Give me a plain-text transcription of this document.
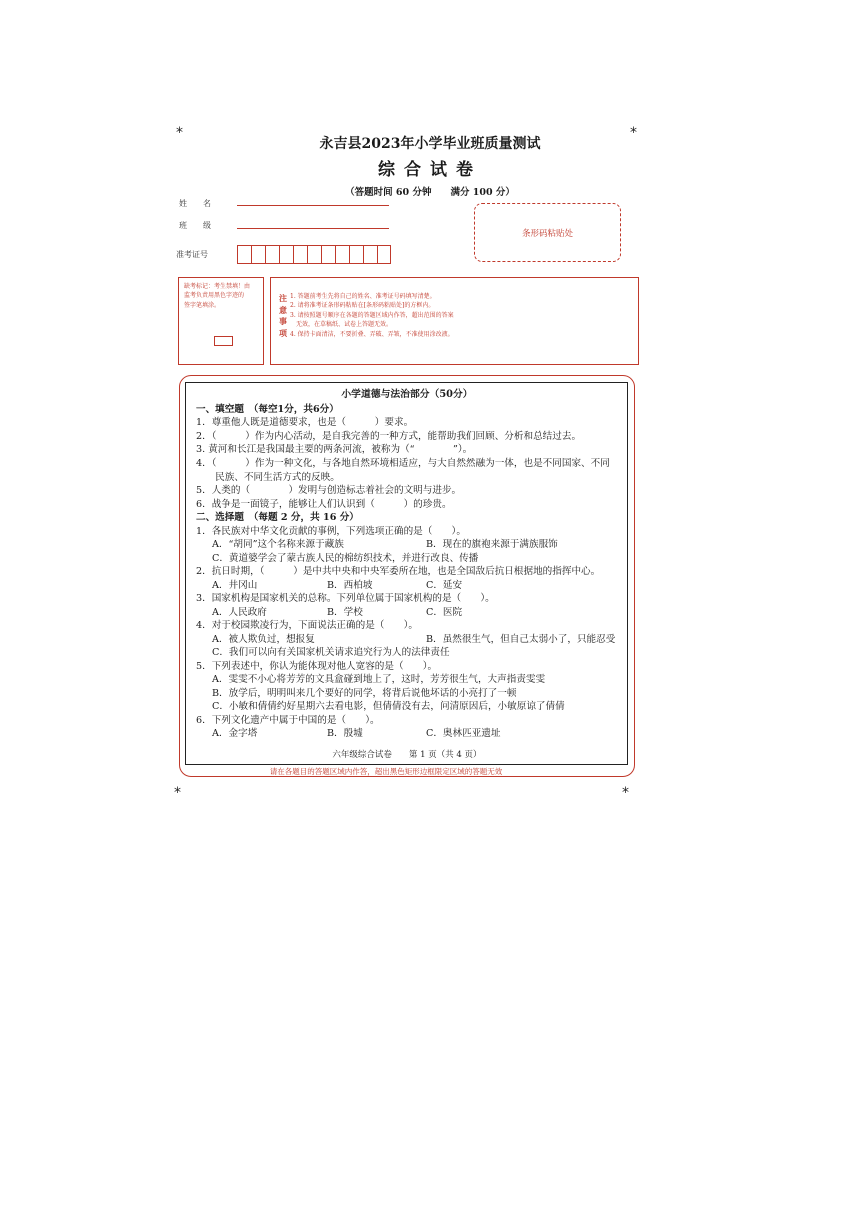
*	*
*	*
永吉县2023年小学毕业班质量测试
综合试卷
（答题时间 60 分钟　　满分 100 分）
姓　　名
班　　级
准考证号
条形码粘贴处
缺考标记：考生禁填！由
监考负责用黑色字迹的
签字笔填涂。
注
意
事
项
1. 答题前考生先将自己的姓名、准考证号码填写清楚。
2. 请将准考证条形码粘贴在[条形码粘贴处]的方框内。
3. 请按照题号顺序在各题的答题区域内作答，超出范围的答案
　无效，在草稿纸、试卷上答题无效。
4. 保持卡面清洁，不要折叠、弄破、弄皱，不准使用涂改液。
小学道德与法治部分（50分）
一、填空题　（每空1分，共6分）
1．尊重他人既是道德要求，也是（　　　）要求。
2．（　　　）作为内心活动，是自我完善的一种方式，能帮助我们回顾、分析和总结过去。
3. 黄河和长江是我国最主要的两条河流，被称为（“　　　　”）。
4．（　　　）作为一种文化，与各地自然环境相适应，与大自然然融为一体，也是不同国家、不同
　　民族、不同生活方式的反映。
5．人类的（　　　　）发明与创造标志着社会的文明与进步。
6．战争是一面镜子，能够让人们认识到（　　　）的珍贵。
二、选择题　（每题 2 分，共 16 分）
1．各民族对中华文化贡献的事例，下列选项正确的是（　　）。
A．“胡同”这个名称来源于藏族	B．现在的旗袍来源于满族服饰
C．黄道婆学会了蒙古族人民的棉纺织技术，并进行改良、传播
2．抗日时期，（　　　）是中共中央和中央军委所在地，也是全国敌后抗日根据地的指挥中心。
A．井冈山	B．西柏坡	C．延安
3．国家机构是国家机关的总称。下列单位属于国家机构的是（　　）。
A．人民政府	B．学校	C．医院
4．对于校园欺凌行为，下面说法正确的是（　　）。
A．被人欺负过，想报复	B．虽然很生气，但自己太弱小了，只能忍受
C．我们可以向有关国家机关请求追究行为人的法律责任
5．下列表述中，你认为能体现对他人宽容的是（　　）。
A．雯雯不小心将芳芳的文具盒碰到地上了，这时，芳芳很生气，大声指责雯雯
B．放学后，明明叫来几个要好的同学，将背后说他坏话的小亮打了一顿
C．小敏和倩倩约好星期六去看电影，但倩倩没有去，问清原因后，小敏原谅了倩倩
6．下列文化遗产中属于中国的是（　　）。
A．金字塔	B．殷墟	C．奥林匹亚遗址
六年级综合试卷　　第 1 页（共 4 页）
请在各题目的答题区域内作答，超出黑色矩形边框限定区域的答题无效
